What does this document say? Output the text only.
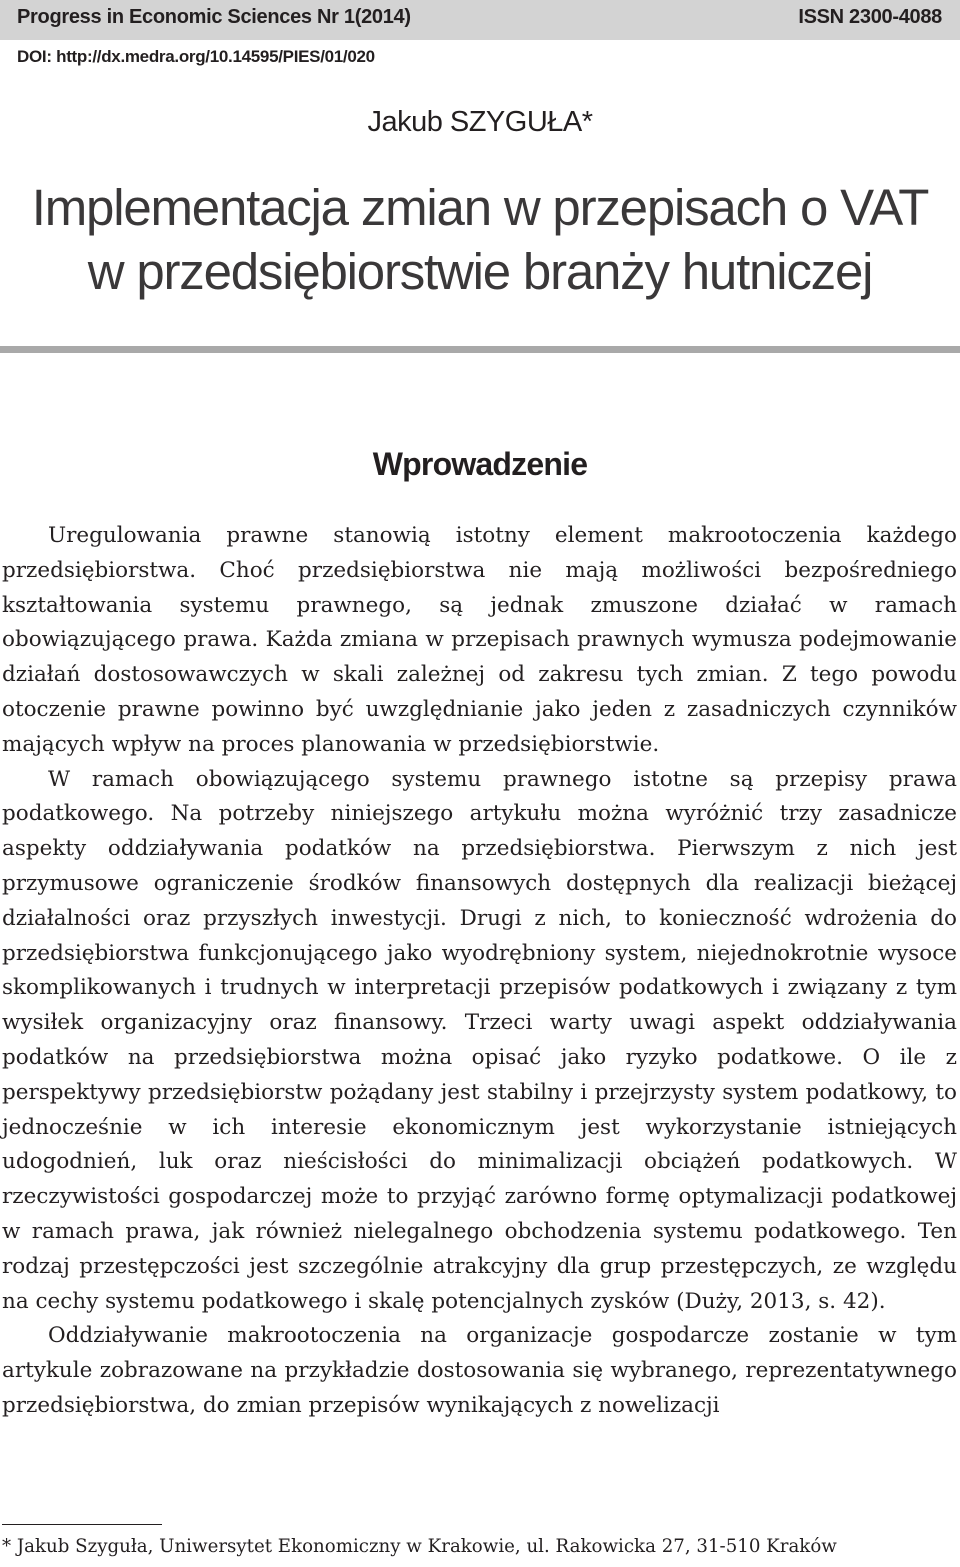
Progress in Economic Sciences Nr 1(2014)	ISSN 2300-4088
DOI: http://dx.medra.org/10.14595/PIES/01/020
Jakub SZYGUŁA*
Implementacja zmian w przepisach o VAT
w przedsiębiorstwie branży hutniczej
Wprowadzenie

Uregulowania prawne stanowią istotny element makrootoczenia każdego przedsiębiorstwa. Choć przedsiębiorstwa nie mają możliwości bezpośredniego kształtowania systemu prawnego, są jednak zmuszone działać w ramach obowiązującego prawa. Każda zmiana w przepisach prawnych wymusza podejmowanie działań dostosowawczych w skali zależnej od zakresu tych zmian. Z tego powodu otoczenie prawne powinno być uwzględnianie jako jeden z zasadniczych czynników mających wpływ na proces planowania w przedsiębiorstwie.

W ramach obowiązującego systemu prawnego istotne są przepisy prawa podatkowego. Na potrzeby niniejszego artykułu można wyróżnić trzy zasadnicze aspekty oddziaływania podatków na przedsiębiorstwa. Pierwszym z nich jest przymusowe ograniczenie środków finansowych dostępnych dla realizacji bieżącej działalności oraz przyszłych inwestycji. Drugi z nich, to konieczność wdrożenia do przedsiębiorstwa funkcjonującego jako wyodrębniony system, niejednokrotnie wysoce skomplikowanych i trudnych w interpretacji przepisów podatkowych i związany z tym wysiłek organizacyjny oraz finansowy. Trzeci warty uwagi aspekt oddziaływania podatków na przedsiębiorstwa można opisać jako ryzyko podatkowe. O ile z perspektywy przedsiębiorstw pożądany jest stabilny i przejrzysty system podatkowy, to jednocześnie w ich interesie ekonomicznym jest wykorzystanie istniejących udogodnień, luk oraz nieścisłości do minimalizacji obciążeń podatkowych. W rzeczywistości gospodarczej może to przyjąć zarówno formę optymalizacji podatkowej w ramach prawa, jak również nielegalnego obchodzenia systemu podatkowego. Ten rodzaj przestępczości jest szczególnie atrakcyjny dla grup przestępczych, ze względu na cechy systemu podatkowego i skalę potencjalnych zysków (Duży, 2013, s. 42).

Oddziaływanie makrootoczenia na organizacje gospodarcze zostanie w tym artykule zobrazowane na przykładzie dostosowania się wybranego, reprezentatywnego przedsiębiorstwa, do zmian przepisów wynikających z nowelizacji

* Jakub Szyguła, Uniwersytet Ekonomiczny w Krakowie, ul. Rakowicka 27, 31-510 Kraków
